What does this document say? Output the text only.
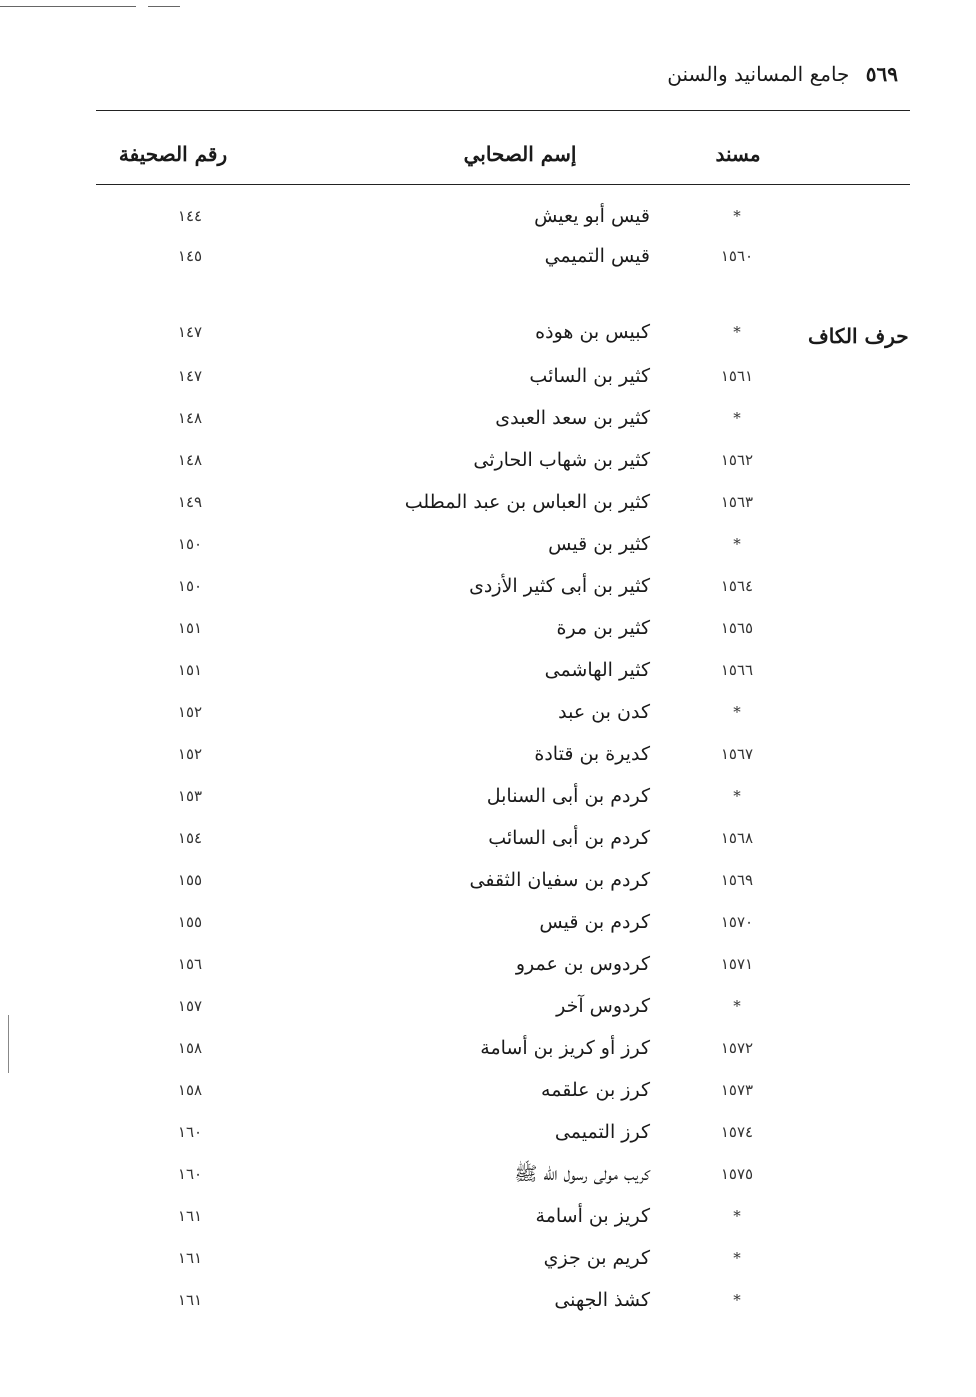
٥٦٩ جامع المسانيد والسنن
مسند
إسم الصحابي
رقم الصحيفة
حرف الكاف
*
قيس أبو يعيش
١٤٤
١٥٦٠
قيس التميمي
١٤٥
*
كبيس بن هوذه
١٤٧
١٥٦١
كثير بن السائب
١٤٧
*
كثير بن سعد العبدى
١٤٨
١٥٦٢
كثير بن شهاب الحارثى
١٤٨
١٥٦٣
كثير بن العباس بن عبد المطلب
١٤٩
*
كثير بن قيس
١٥٠
١٥٦٤
كثير بن أبى كثير الأزدى
١٥٠
١٥٦٥
كثير بن مرة
١٥١
١٥٦٦
كثير الهاشمى
١٥١
*
كدن بن عبد
١٥٢
١٥٦٧
كديرة بن قتادة
١٥٢
*
كردم بن أبى السنابل
١٥٣
١٥٦٨
كردم بن أبى السائب
١٥٤
١٥٦٩
كردم بن سفيان الثقفى
١٥٥
١٥٧٠
كردم بن قيس
١٥٥
١٥٧١
كردوس بن عمرو
١٥٦
*
كردوس آخر
١٥٧
١٥٧٢
كرز أو كريز بن أسامة
١٥٨
١٥٧٣
كرز بن علقمه
١٥٨
١٥٧٤
كرز التميمى
١٦٠
١٥٧٥
كريب مولى رسول الله ﷺ
١٦٠
*
كريز بن أسامة
١٦١
*
كريم بن جزي
١٦١
*
كشذ الجهنى
١٦١
